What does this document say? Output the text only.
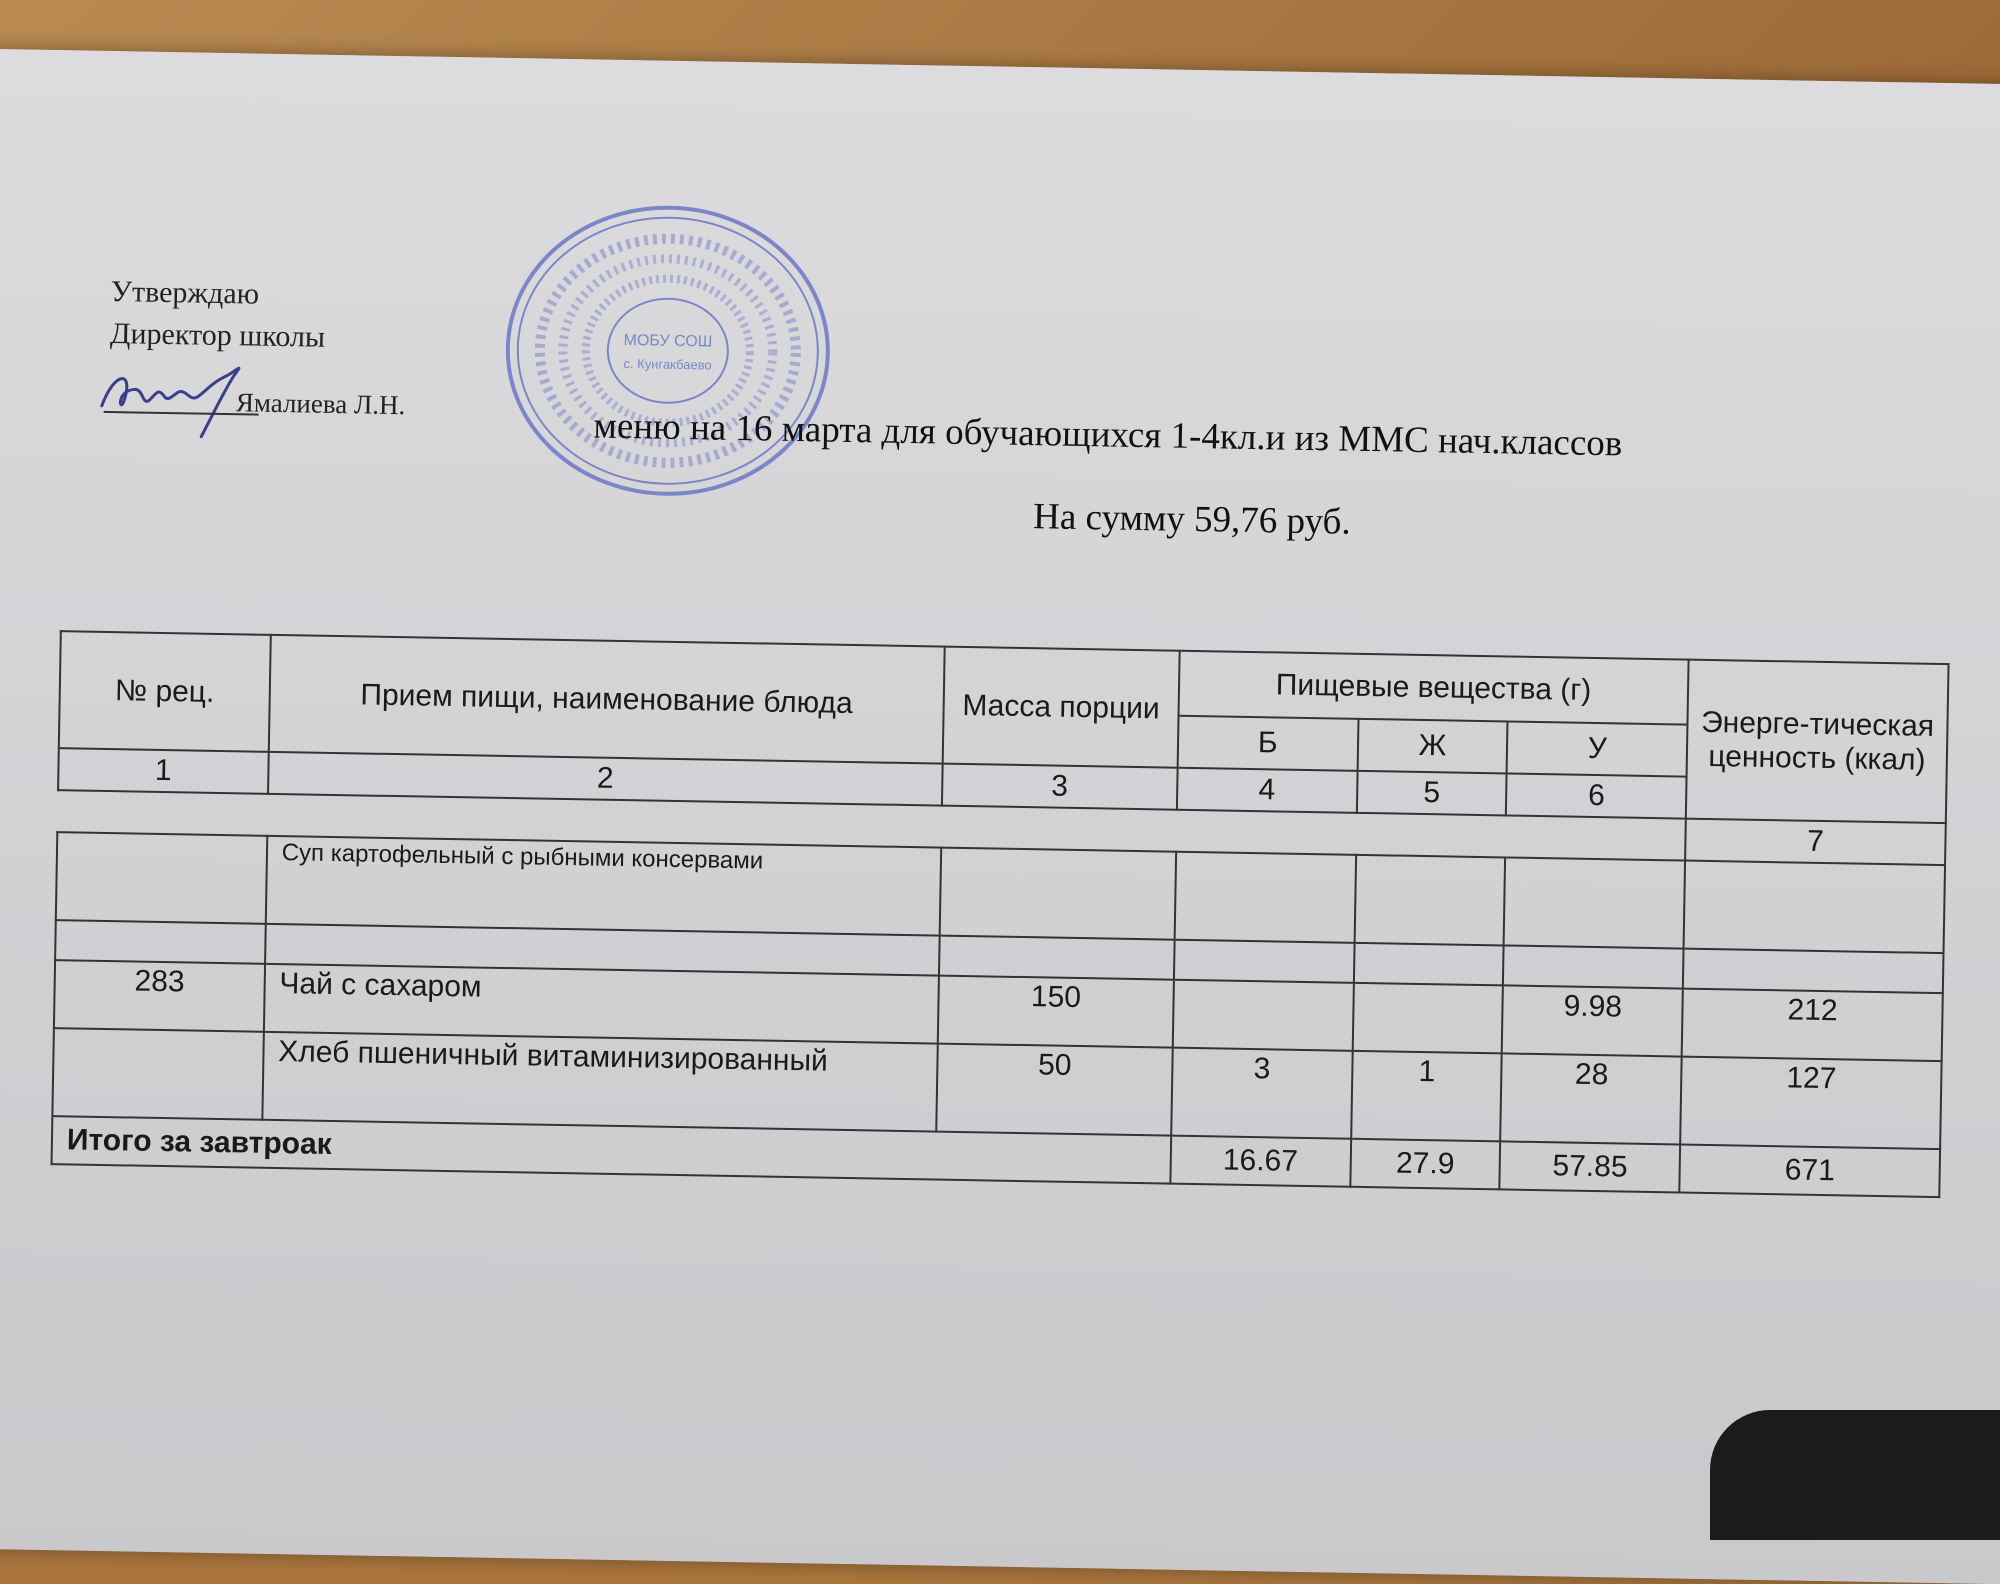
Утверждаю
Директор школы
Ямалиева Л.Н.
МОБУ СОШ
с. Кунгакбаево
меню на 16 марта для обучающихся 1-4кл.и из ММС нач.классов
На сумму 59,76 руб.
№ рец.	Прием пищи, наименование блюда	Масса порции	Пищевые вещества (г)			Энерге-тическая ценность (ккал)
			Б	Ж	У	
1	2	3	4	5	6	
						7
	Суп картофельный с рыбными консервами					

283	Чай с сахаром	150			9.98	212
	Хлеб пшеничный витаминизированный	50	3	1	28	127
Итого за завтроак			16.67	27.9	57.85	671
